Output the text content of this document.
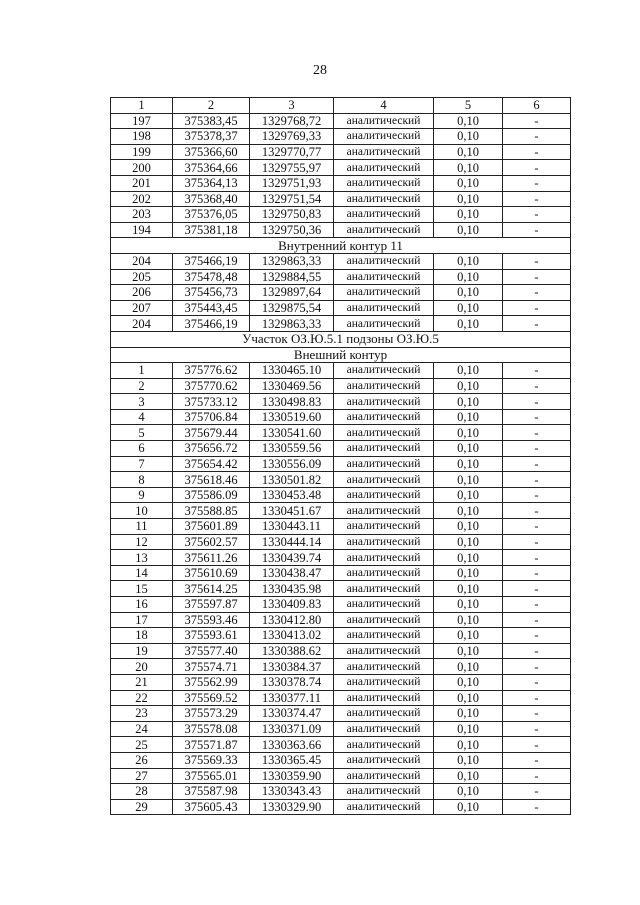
28
1	2	3	4	5	6
197	375383,45	1329768,72	аналитический	0,10	-
198	375378,37	1329769,33	аналитический	0,10	-
199	375366,60	1329770,77	аналитический	0,10	-
200	375364,66	1329755,97	аналитический	0,10	-
201	375364,13	1329751,93	аналитический	0,10	-
202	375368,40	1329751,54	аналитический	0,10	-
203	375376,05	1329750,83	аналитический	0,10	-
194	375381,18	1329750,36	аналитический	0,10	-
Внутренний контур 11					
204	375466,19	1329863,33	аналитический	0,10	-
205	375478,48	1329884,55	аналитический	0,10	-
206	375456,73	1329897,64	аналитический	0,10	-
207	375443,45	1329875,54	аналитический	0,10	-
204	375466,19	1329863,33	аналитический	0,10	-
Участок ОЗ.Ю.5.1 подзоны ОЗ.Ю.5					
Внешний контур					
1	375776.62	1330465.10	аналитический	0,10	-
2	375770.62	1330469.56	аналитический	0,10	-
3	375733.12	1330498.83	аналитический	0,10	-
4	375706.84	1330519.60	аналитический	0,10	-
5	375679.44	1330541.60	аналитический	0,10	-
6	375656.72	1330559.56	аналитический	0,10	-
7	375654.42	1330556.09	аналитический	0,10	-
8	375618.46	1330501.82	аналитический	0,10	-
9	375586.09	1330453.48	аналитический	0,10	-
10	375588.85	1330451.67	аналитический	0,10	-
11	375601.89	1330443.11	аналитический	0,10	-
12	375602.57	1330444.14	аналитический	0,10	-
13	375611.26	1330439.74	аналитический	0,10	-
14	375610.69	1330438.47	аналитический	0,10	-
15	375614.25	1330435.98	аналитический	0,10	-
16	375597.87	1330409.83	аналитический	0,10	-
17	375593.46	1330412.80	аналитический	0,10	-
18	375593.61	1330413.02	аналитический	0,10	-
19	375577.40	1330388.62	аналитический	0,10	-
20	375574.71	1330384.37	аналитический	0,10	-
21	375562.99	1330378.74	аналитический	0,10	-
22	375569.52	1330377.11	аналитический	0,10	-
23	375573.29	1330374.47	аналитический	0,10	-
24	375578.08	1330371.09	аналитический	0,10	-
25	375571.87	1330363.66	аналитический	0,10	-
26	375569.33	1330365.45	аналитический	0,10	-
27	375565.01	1330359.90	аналитический	0,10	-
28	375587.98	1330343.43	аналитический	0,10	-
29	375605.43	1330329.90	аналитический	0,10	-
